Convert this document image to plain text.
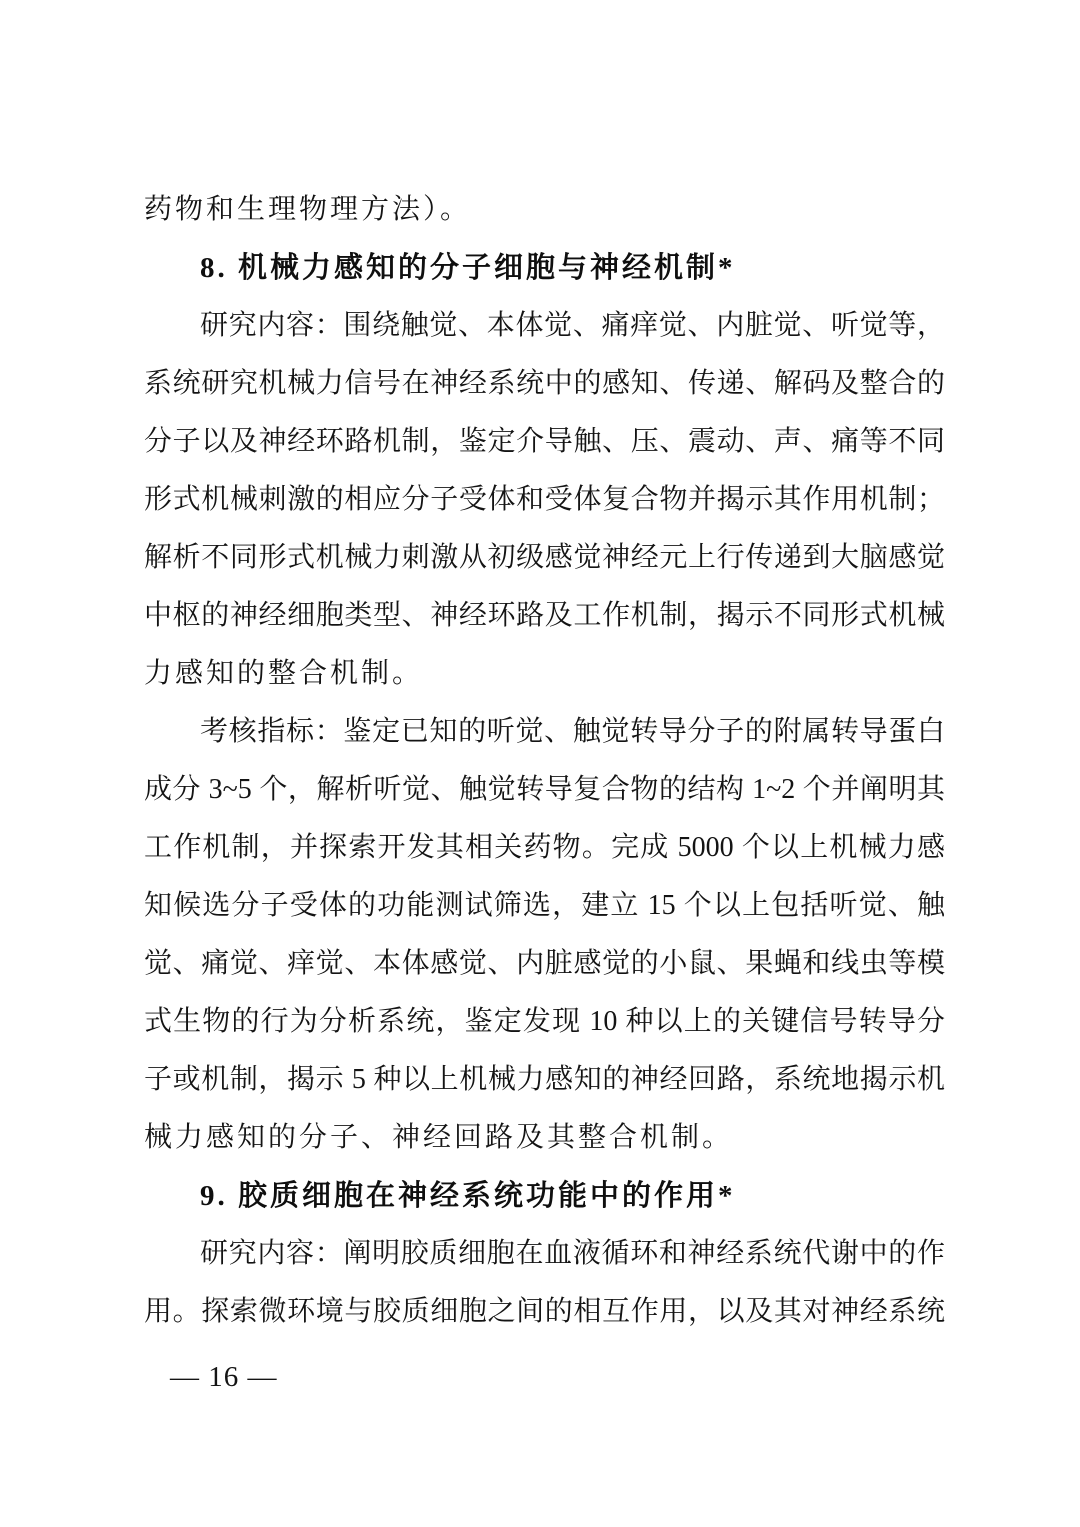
药物和生理物理方法）。
8. 机械力感知的分子细胞与神经机制*
研究内容：围绕触觉、本体觉、痛痒觉、内脏觉、听觉等，
系统研究机械力信号在神经系统中的感知、传递、解码及整合的
分子以及神经环路机制，鉴定介导触、压、震动、声、痛等不同
形式机械刺激的相应分子受体和受体复合物并揭示其作用机制；
解析不同形式机械力刺激从初级感觉神经元上行传递到大脑感觉
中枢的神经细胞类型、神经环路及工作机制，揭示不同形式机械
力感知的整合机制。
考核指标：鉴定已知的听觉、触觉转导分子的附属转导蛋白
成分 3~5 个，解析听觉、触觉转导复合物的结构 1~2 个并阐明其
工作机制，并探索开发其相关药物。完成 5000 个以上机械力感
知候选分子受体的功能测试筛选，建立 15 个以上包括听觉、触
觉、痛觉、痒觉、本体感觉、内脏感觉的小鼠、果蝇和线虫等模
式生物的行为分析系统，鉴定发现 10 种以上的关键信号转导分
子或机制，揭示 5 种以上机械力感知的神经回路，系统地揭示机
械力感知的分子、神经回路及其整合机制。
9. 胶质细胞在神经系统功能中的作用*
研究内容：阐明胶质细胞在血液循环和神经系统代谢中的作
用。探索微环境与胶质细胞之间的相互作用，以及其对神经系统
— 16 —
